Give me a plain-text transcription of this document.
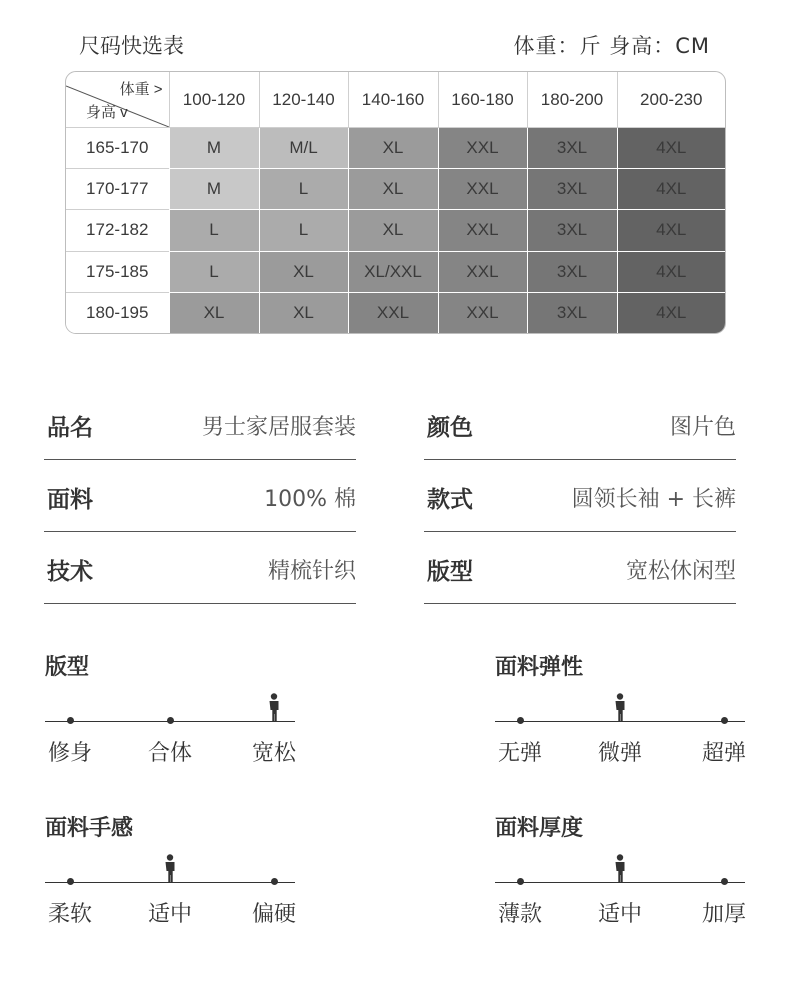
尺码快选表	体重：斤 身高：CM
体重 >
身高 v	100-120	120-140	140-160	160-180	180-200	200-230
165-170	M	M/L	XL	XXL	3XL	4XL
170-177	M	L	XL	XXL	3XL	4XL
172-182	L	L	XL	XXL	3XL	4XL
175-185	L	XL	XL/XXL	XXL	3XL	4XL
180-195	XL	XL	XXL	XXL	3XL	4XL
品名	男士家居服套装
面料	100% 棉
技术	精梳针织
颜色	图片色
款式	圆领长袖 + 长裤
版型	宽松休闲型
版型
修身	合体	宽松
面料弹性
无弹	微弹	超弹
面料手感
柔软	适中	偏硬
面料厚度
薄款	适中	加厚
